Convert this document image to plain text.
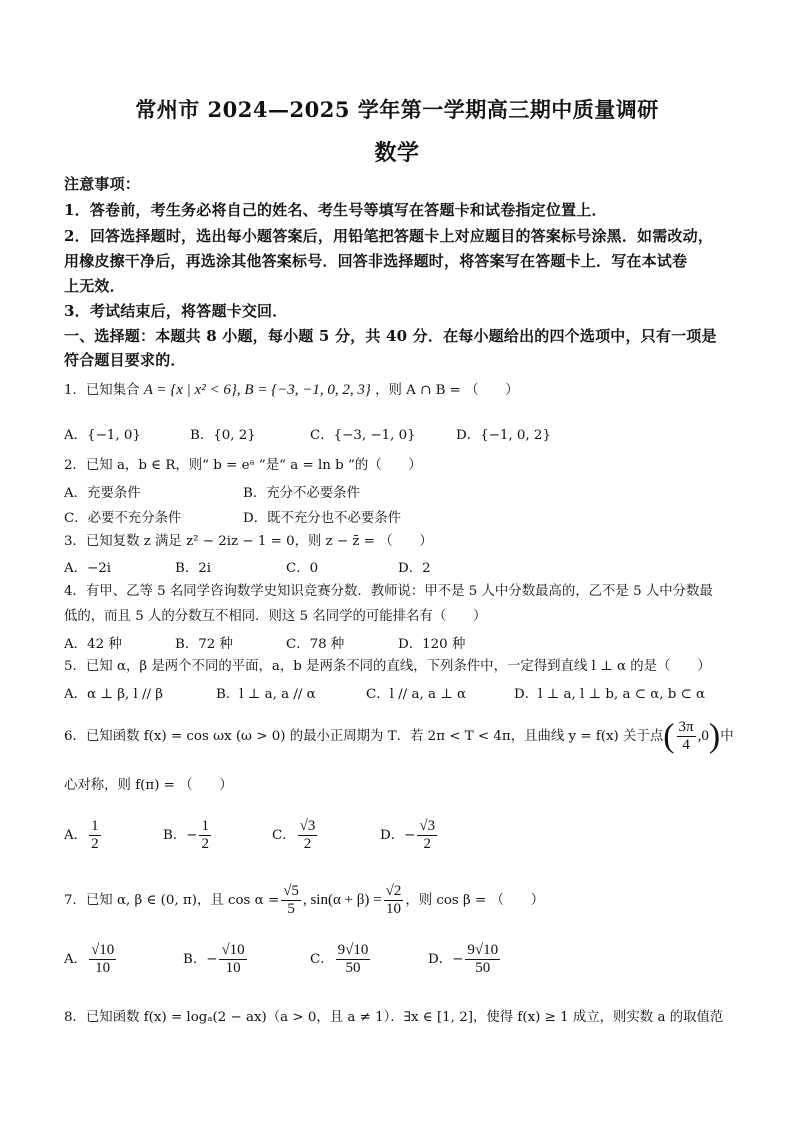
常州市 2024—2025 学年第一学期高三期中质量调研
数学
注意事项：
1．答卷前，考生务必将自己的姓名、考生号等填写在答题卡和试卷指定位置上．
2．回答选择题时，选出每小题答案后，用铅笔把答题卡上对应题目的答案标号涂黑．如需改动，
用橡皮擦干净后，再选涂其他答案标号．回答非选择题时，将答案写在答题卡上．写在本试卷
上无效．
3．考试结束后，将答题卡交回．
一、选择题：本题共 8 小题，每小题 5 分，共 40 分．在每小题给出的四个选项中，只有一项是
符合题目要求的．
1．已知集合 A = {x | x² < 6}, B = {−3, −1, 0, 2, 3} ，则 A ∩ B = （　　）
A．{−1, 0}	B．{0, 2}	C．{−3, −1, 0}	D．{−1, 0, 2}
2．已知 a，b ∈ R，则“ b = eᵃ ”是“ a = ln b ”的（　　）
A．充要条件	B．充分不必要条件
C．必要不充分条件	D．既不充分也不必要条件
3．已知复数 z 满足 z² − 2iz − 1 = 0，则 z − z̄ = （　　）
A．−2i	B．2i	C．0	D．2
4．有甲、乙等 5 名同学咨询数学史知识竞赛分数．教师说：甲不是 5 人中分数最高的，乙不是 5 人中分数最
低的，而且 5 人的分数互不相同．则这 5 名同学的可能排名有（　　）
A．42 种	B．72 种	C．78 种	D．120 种
5．已知 α，β 是两个不同的平面，a，b 是两条不同的直线，下列条件中，一定得到直线 l ⊥ α 的是（　　）
A．α ⊥ β, l // β	B．l ⊥ a, a // α	C．l // a, a ⊥ α	D．l ⊥ a, l ⊥ b, a ⊂ α, b ⊂ α
6．已知函数 f(x) = cos ωx (ω > 0) 的最小正周期为 T．若 2π < T < 4π，且曲线 y = f(x) 关于点( $\frac{3\pi}{4} ,0$)中
心对称，则 f(π) = （　　）
A． $\frac{1}{2}$	B．− $\frac{1}{2}$	C． $\frac{√3}{2}$	D．− $\frac{√3}{2}$
7．已知 α, β ∈ (0, π)，且 $\cos \alpha = \frac{√5}{5}$ , $\sin(\alpha + \beta) = \frac{√2}{10}$ ，则 cos β = （　　）
A． $\frac{√10}{10}$	B．− $\frac{√10}{10}$	C． $\frac{9√10}{50}$	D．− $\frac{9√10}{50}$
8．已知函数 f(x) = logₐ(2 − ax)（a > 0，且 a ≠ 1）．∃x ∈ [1, 2]，使得 f(x) ≥ 1 成立，则实数 a 的取值范
